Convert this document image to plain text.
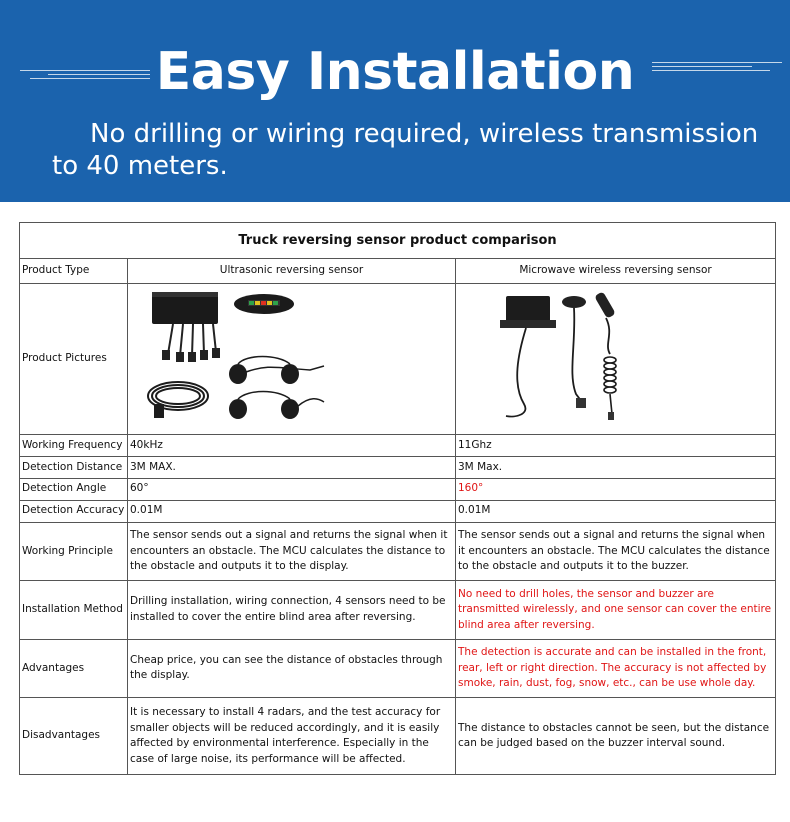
Easy Installation

No drilling or wiring required, wireless transmission to 40 meters.

Truck reversing sensor product comparison		
Product Type	Ultrasonic reversing sensor	Microwave wireless reversing sensor
Product Pictures	

Working Frequency	40kHz	11Ghz
Detection Distance	3M MAX.	3M Max.
Detection Angle	60°	160°
Detection Accuracy	0.01M	0.01M
Working Principle	The sensor sends out a signal and returns the signal when it encounters an obstacle. The MCU calculates the distance to the obstacle and outputs it to the display.	The sensor sends out a signal and returns the signal when it encounters an obstacle. The MCU calculates the distance to the obstacle and outputs it to the buzzer.
Installation Method	Drilling installation, wiring connection, 4 sensors need to be installed to cover the entire blind area after reversing.	No need to drill holes, the sensor and buzzer are transmitted wirelessly, and one sensor can cover the entire blind area after reversing.
Advantages	Cheap price, you can see the distance of obstacles through the display.	The detection is accurate and can be installed in the front, rear, left or right direction. The accuracy is not affected by smoke, rain, dust, fog, snow, etc., can be use whole day.
Disadvantages	It is necessary to install 4 radars, and the test accuracy for smaller objects will be reduced accordingly, and it is easily affected by environmental interference. Especially in the case of large noise, its performance will be affected.	The distance to obstacles cannot be seen, but the distance can be judged based on the buzzer interval sound.
